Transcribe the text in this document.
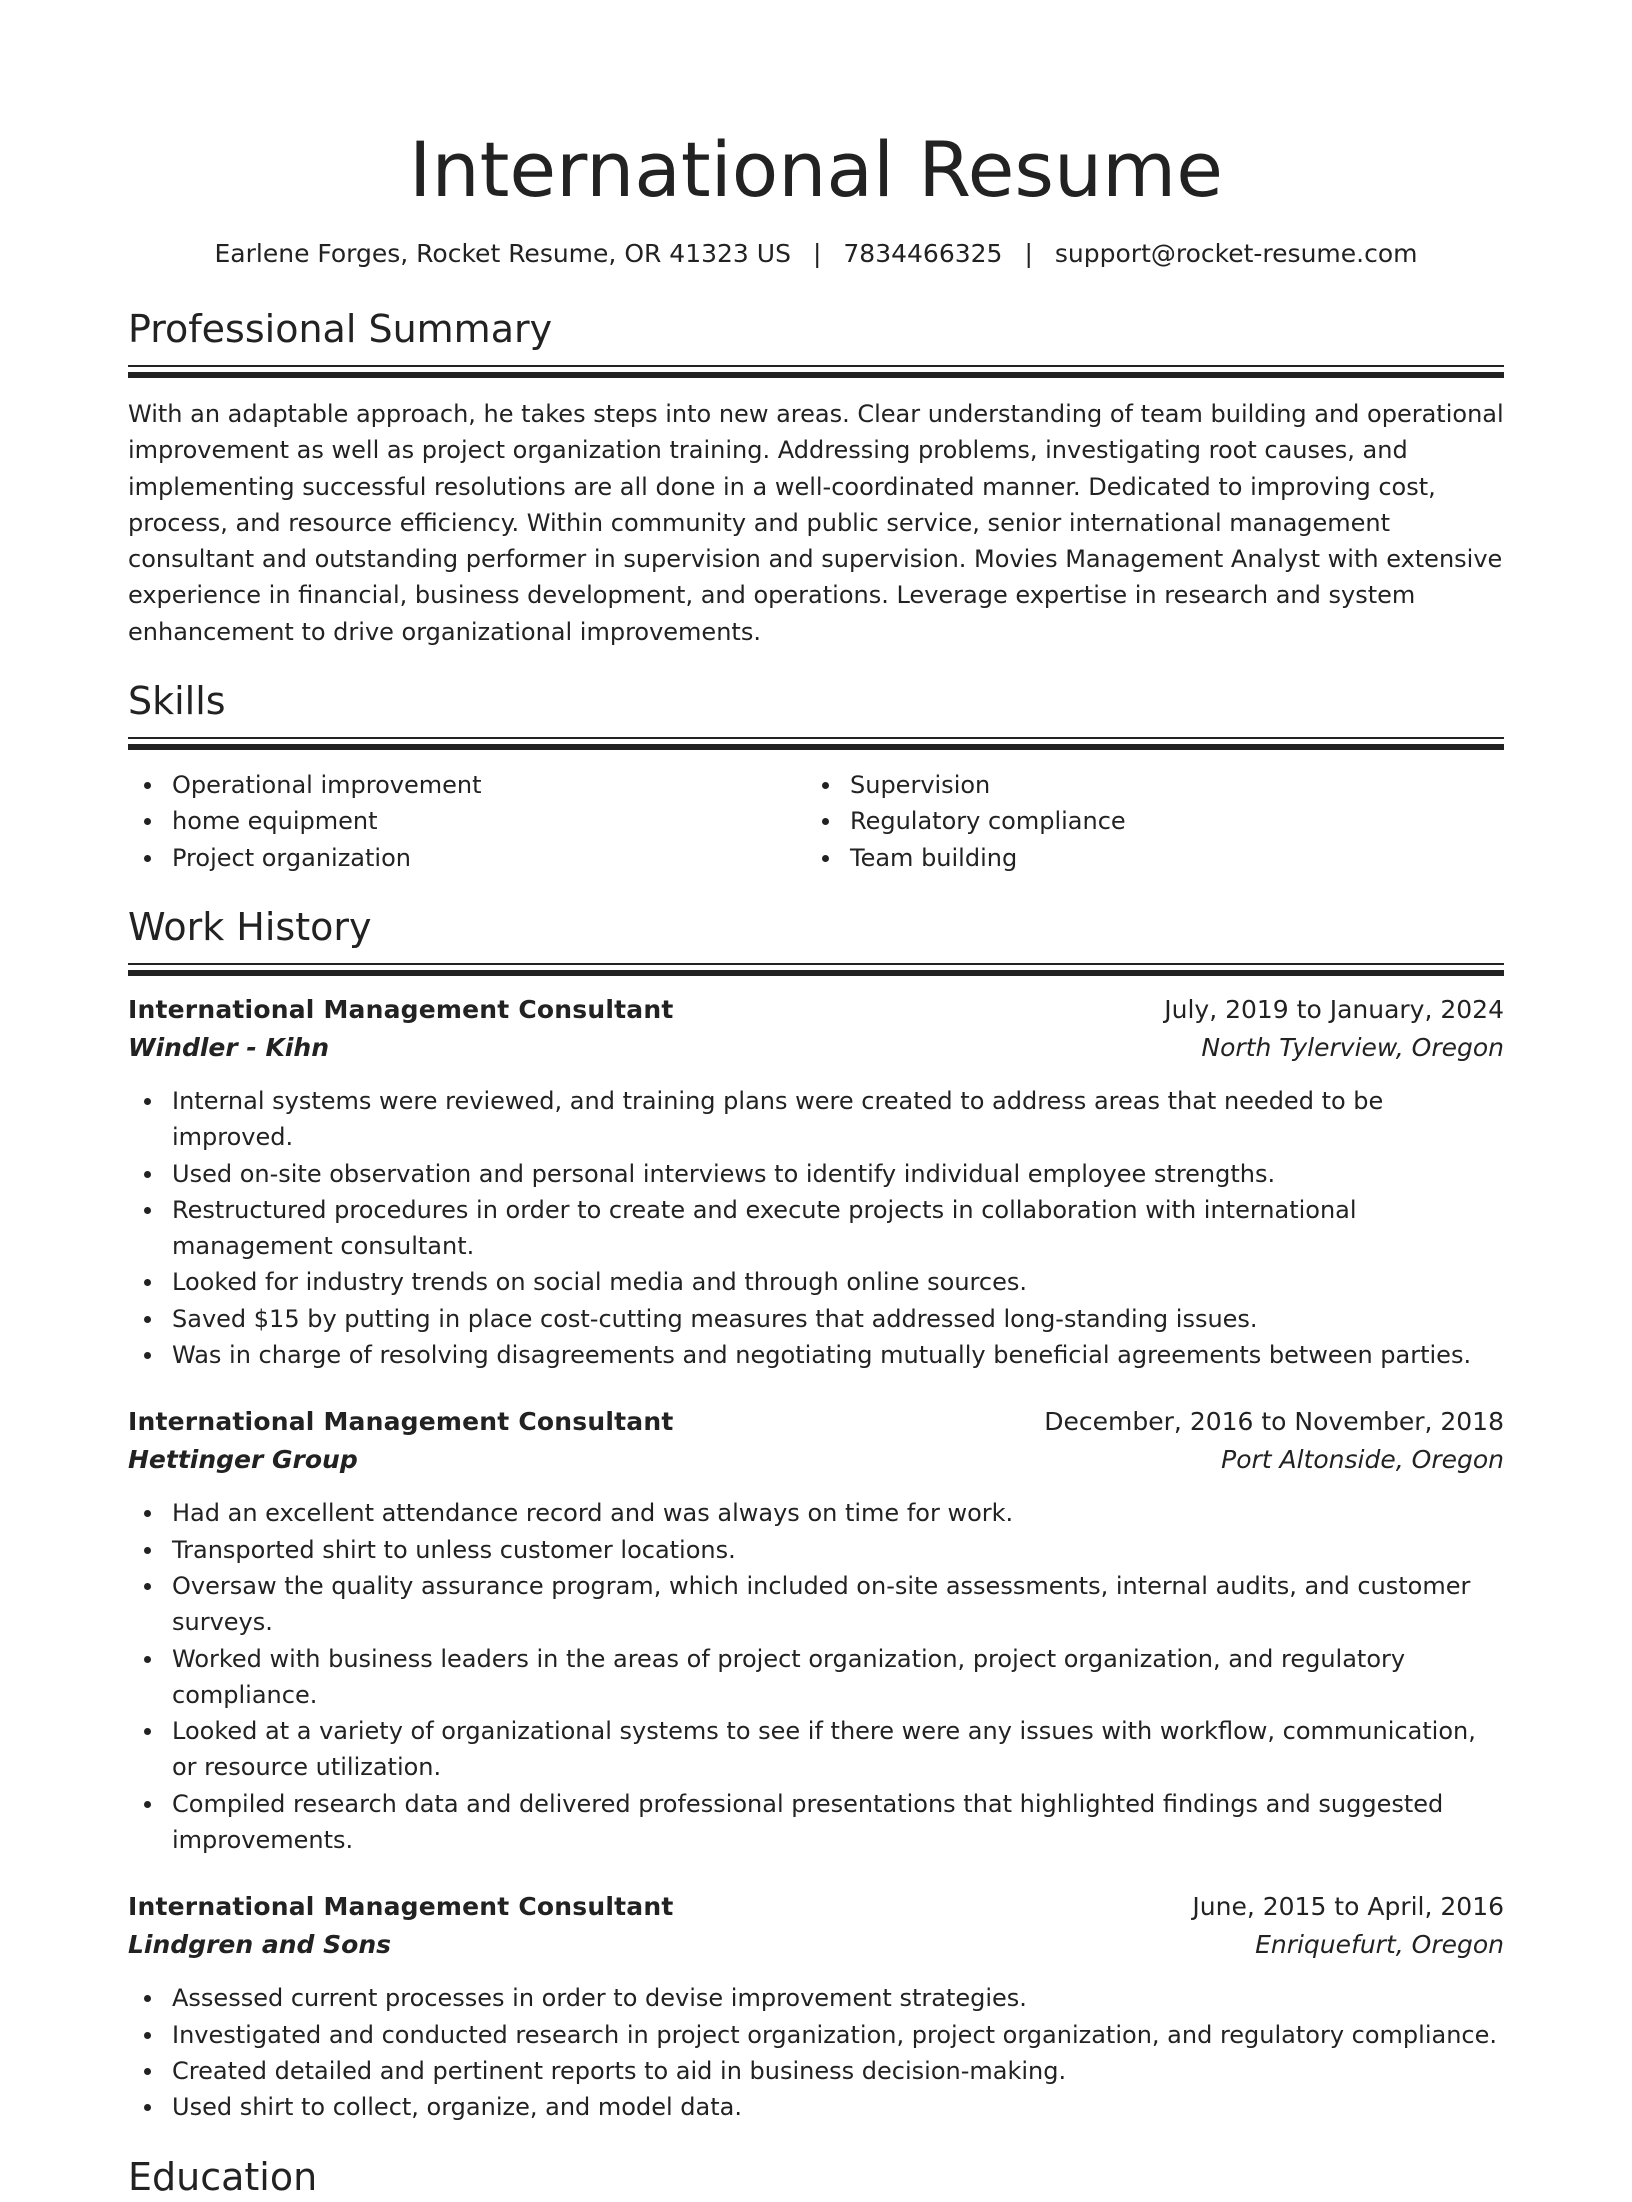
International Resume
Earlene Forges, Rocket Resume, OR 41323 US | 7834466325 | support@rocket-resume.com
Professional Summary

With an adaptable approach, he takes steps into new areas. Clear understanding of team building and operational improvement as well as project organization training. Addressing problems, investigating root causes, and implementing successful resolutions are all done in a well-coordinated manner. Dedicated to improving cost, process, and resource efficiency. Within community and public service, senior international management consultant and outstanding performer in supervision and supervision. Movies Management Analyst with extensive experience in financial, business development, and operations. Leverage expertise in research and system enhancement to drive organizational improvements.

Skills
Operational improvement
home equipment
Project organization
Supervision
Regulatory compliance
Team building
Work History
International Management Consultant	July, 2019 to January, 2024
Windler - Kihn	North Tylerview, Oregon
Internal systems were reviewed, and training plans were created to address areas that needed to be improved.
Used on-site observation and personal interviews to identify individual employee strengths.
Restructured procedures in order to create and execute projects in collaboration with international management consultant.
Looked for industry trends on social media and through online sources.
Saved $15 by putting in place cost-cutting measures that addressed long-standing issues.
Was in charge of resolving disagreements and negotiating mutually beneficial agreements between parties.
International Management Consultant	December, 2016 to November, 2018
Hettinger Group	Port Altonside, Oregon
Had an excellent attendance record and was always on time for work.
Transported shirt to unless customer locations.
Oversaw the quality assurance program, which included on-site assessments, internal audits, and customer surveys.
Worked with business leaders in the areas of project organization, project organization, and regulatory compliance.
Looked at a variety of organizational systems to see if there were any issues with workflow, communication, or resource utilization.
Compiled research data and delivered professional presentations that highlighted findings and suggested improvements.
International Management Consultant	June, 2015 to April, 2016
Lindgren and Sons	Enriquefurt, Oregon
Assessed current processes in order to devise improvement strategies.
Investigated and conducted research in project organization, project organization, and regulatory compliance.
Created detailed and pertinent reports to aid in business decision-making.
Used shirt to collect, organize, and model data.
Education
